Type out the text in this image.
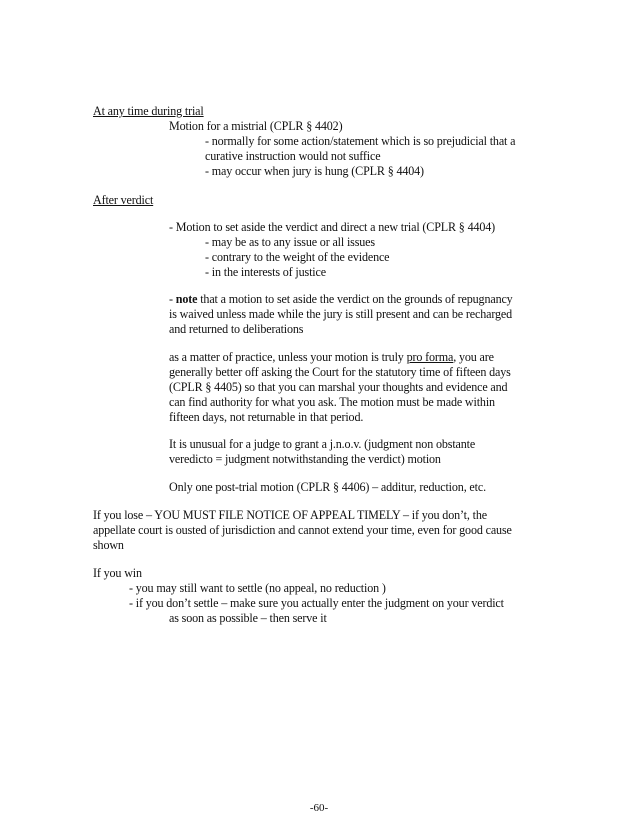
At any time during trial
Motion for a mistrial (CPLR § 4402)
- normally for some action/statement which is so prejudicial that a
curative instruction would not suffice
- may occur when jury is hung (CPLR § 4404)
After verdict
- Motion to set aside the verdict and direct a new trial (CPLR § 4404)
- may be as to any issue or all issues
- contrary to the weight of the evidence
- in the interests of justice
- note that a motion to set aside the verdict on the grounds of repugnancy
is waived unless made while the jury is still present and can be recharged
and returned to deliberations
as a matter of practice, unless your motion is truly pro forma, you are
generally better off asking the Court for the statutory time of fifteen days
(CPLR § 4405) so that you can marshal your thoughts and evidence and
can find authority for what you ask. The motion must be made within
fifteen days, not returnable in that period.
It is unusual for a judge to grant a j.n.o.v. (judgment non obstante
veredicto = judgment notwithstanding the verdict) motion
Only one post-trial motion (CPLR § 4406) – additur, reduction, etc.
If you lose – YOU MUST FILE NOTICE OF APPEAL TIMELY – if you don’t, the
appellate court is ousted of jurisdiction and cannot extend your time, even for good cause
shown
If you win
- you may still want to settle (no appeal, no reduction )
- if you don’t settle – make sure you actually enter the judgment on your verdict
as soon as possible – then serve it
-60-
